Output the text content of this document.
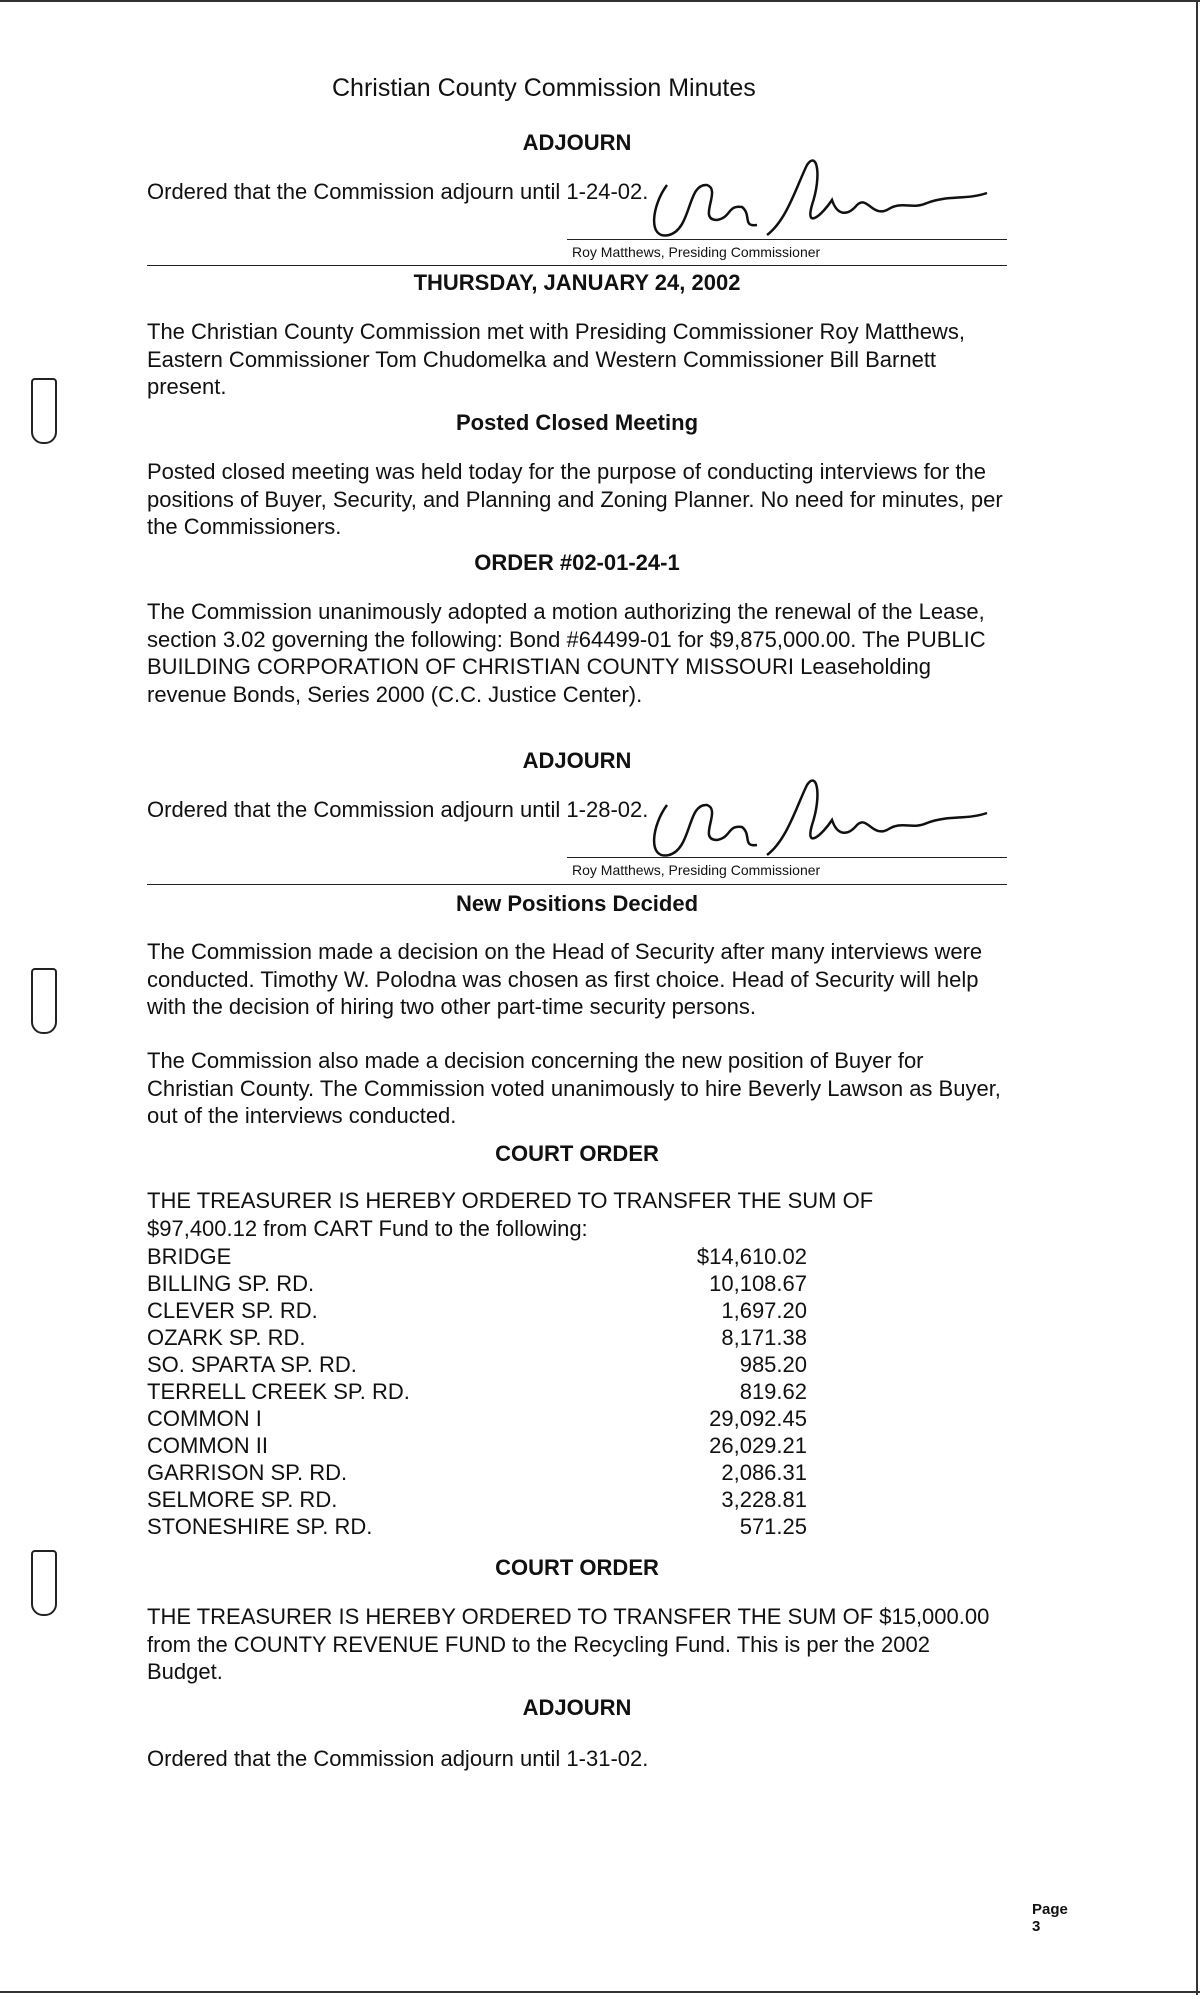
Christian County Commission Minutes
ADJOURN

Ordered that the Commission adjourn until 1-24-02.

Roy Matthews, Presiding Commissioner
THURSDAY, JANUARY 24, 2002

The Christian County Commission met with Presiding Commissioner Roy Matthews, Eastern Commissioner Tom Chudomelka and Western Commissioner Bill Barnett present.

Posted Closed Meeting

Posted closed meeting was held today for the purpose of conducting interviews for the positions of Buyer, Security, and Planning and Zoning Planner. No need for minutes, per the Commissioners.

ORDER #02-01-24-1

The Commission unanimously adopted a motion authorizing the renewal of the Lease, section 3.02 governing the following: Bond #64499-01 for $9,875,000.00. The PUBLIC BUILDING CORPORATION OF CHRISTIAN COUNTY MISSOURI Leaseholding revenue Bonds, Series 2000 (C.C. Justice Center).

ADJOURN

Ordered that the Commission adjourn until 1-28-02.

Roy Matthews, Presiding Commissioner
New Positions Decided

The Commission made a decision on the Head of Security after many interviews were conducted. Timothy W. Polodna was chosen as first choice. Head of Security will help with the decision of hiring two other part-time security persons.

The Commission also made a decision concerning the new position of Buyer for Christian County. The Commission voted unanimously to hire Beverly Lawson as Buyer, out of the interviews conducted.

COURT ORDER
THE TREASURER IS HEREBY ORDERED TO TRANSFER THE SUM OF
$97,400.12 from CART Fund to the following:
BRIDGE	$14,610.02
BILLING SP. RD.	10,108.67
CLEVER SP. RD.	1,697.20
OZARK SP. RD.	8,171.38
SO. SPARTA SP. RD.	985.20
TERRELL CREEK SP. RD.	819.62
COMMON I	29,092.45
COMMON II	26,029.21
GARRISON SP. RD.	2,086.31
SELMORE SP. RD.	3,228.81
STONESHIRE SP. RD.	571.25
COURT ORDER

THE TREASURER IS HEREBY ORDERED TO TRANSFER THE SUM OF $15,000.00 from the COUNTY REVENUE FUND to the Recycling Fund. This is per the 2002 Budget.

ADJOURN

Ordered that the Commission adjourn until 1-31-02.

Page 3
